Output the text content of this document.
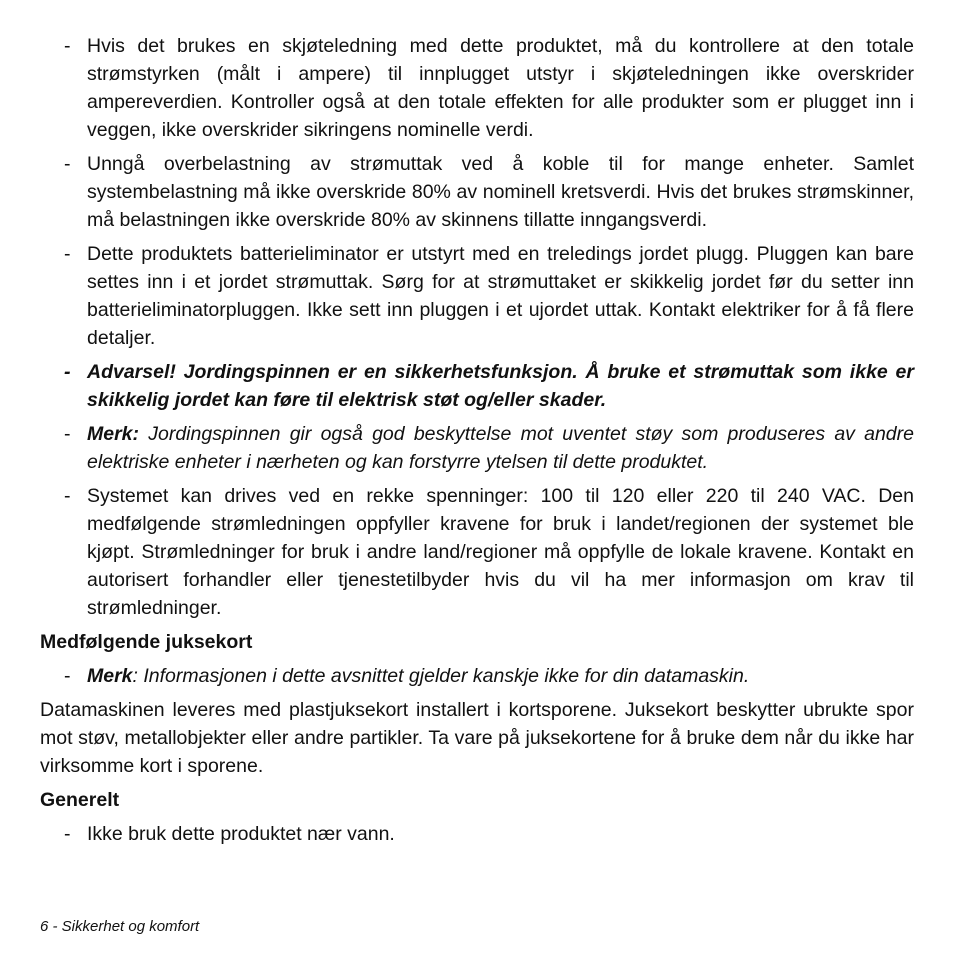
- Hvis det brukes en skjøteledning med dette produktet, må du kontrollere at den totale strømstyrken (målt i ampere) til innplugget utstyr i skjøteledningen ikke overskrider ampereverdien. Kontroller også at den totale effekten for alle produkter som er plugget inn i veggen, ikke overskrider sikringens nominelle verdi.
- Unngå overbelastning av strømuttak ved å koble til for mange enheter. Samlet systembelastning må ikke overskride 80% av nominell kretsverdi. Hvis det brukes strømskinner, må belastningen ikke overskride 80% av skinnens tillatte inngangsverdi.
- Dette produktets batterieliminator er utstyrt med en treledings jordet plugg. Pluggen kan bare settes inn i et jordet strømuttak. Sørg for at strømuttaket er skikkelig jordet før du setter inn batterieliminatorpluggen. Ikke sett inn pluggen i et ujordet uttak. Kontakt elektriker for å få flere detaljer.
- Advarsel! Jordingspinnen er en sikkerhetsfunksjon. Å bruke et strømuttak som ikke er skikkelig jordet kan føre til elektrisk støt og/eller skader.
- Merk: Jordingspinnen gir også god beskyttelse mot uventet støy som produseres av andre elektriske enheter i nærheten og kan forstyrre ytelsen til dette produktet.
- Systemet kan drives ved en rekke spenninger: 100 til 120 eller 220 til 240 VAC. Den medfølgende strømledningen oppfyller kravene for bruk i landet/regionen der systemet ble kjøpt. Strømledninger for bruk i andre land/regioner må oppfylle de lokale kravene. Kontakt en autorisert forhandler eller tjenestetilbyder hvis du vil ha mer informasjon om krav til strømledninger.
Medfølgende juksekort
- Merk: Informasjonen i dette avsnittet gjelder kanskje ikke for din datamaskin.
Datamaskinen leveres med plastjuksekort installert i kortsporene. Juksekort beskytter ubrukte spor mot støv, metallobjekter eller andre partikler. Ta vare på juksekortene for å bruke dem når du ikke har virksomme kort i sporene.
Generelt
- Ikke bruk dette produktet nær vann.
6 - Sikkerhet og komfort
